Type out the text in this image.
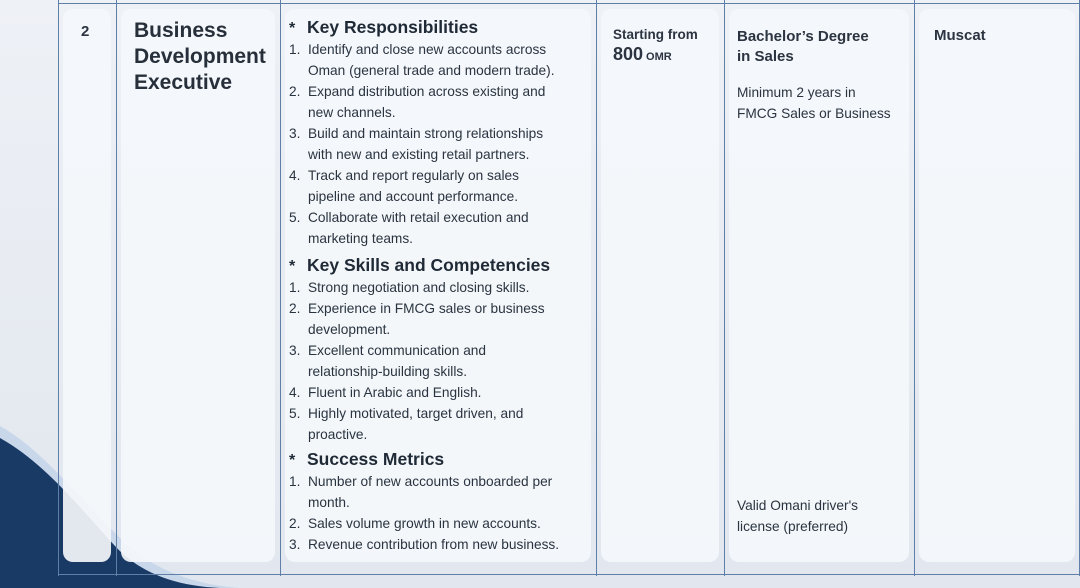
2 Business
Development
Executive
* Key Responsibilities
1. Identify and close new accounts across
Oman (general trade and modern trade).
2. Expand distribution across existing and
new channels.
3. Build and maintain strong relationships
with new and existing retail partners.
4. Track and report regularly on sales
pipeline and account performance.
5. Collaborate with retail execution and
marketing teams.
* Key Skills and Competencies
1. Strong negotiation and closing skills.
2. Experience in FMCG sales or business
development.
3. Excellent communication and
relationship-building skills.
4. Fluent in Arabic and English.
5. Highly motivated, target driven, and
proactive.
* Success Metrics
1. Number of new accounts onboarded per
month.
2. Sales volume growth in new accounts.
3. Revenue contribution from new business.
Starting from
800 OMR
Bachelor’s Degree
in Sales
Minimum 2 years in
FMCG Sales or Business
Valid Omani driver's
license (preferred)
Muscat
